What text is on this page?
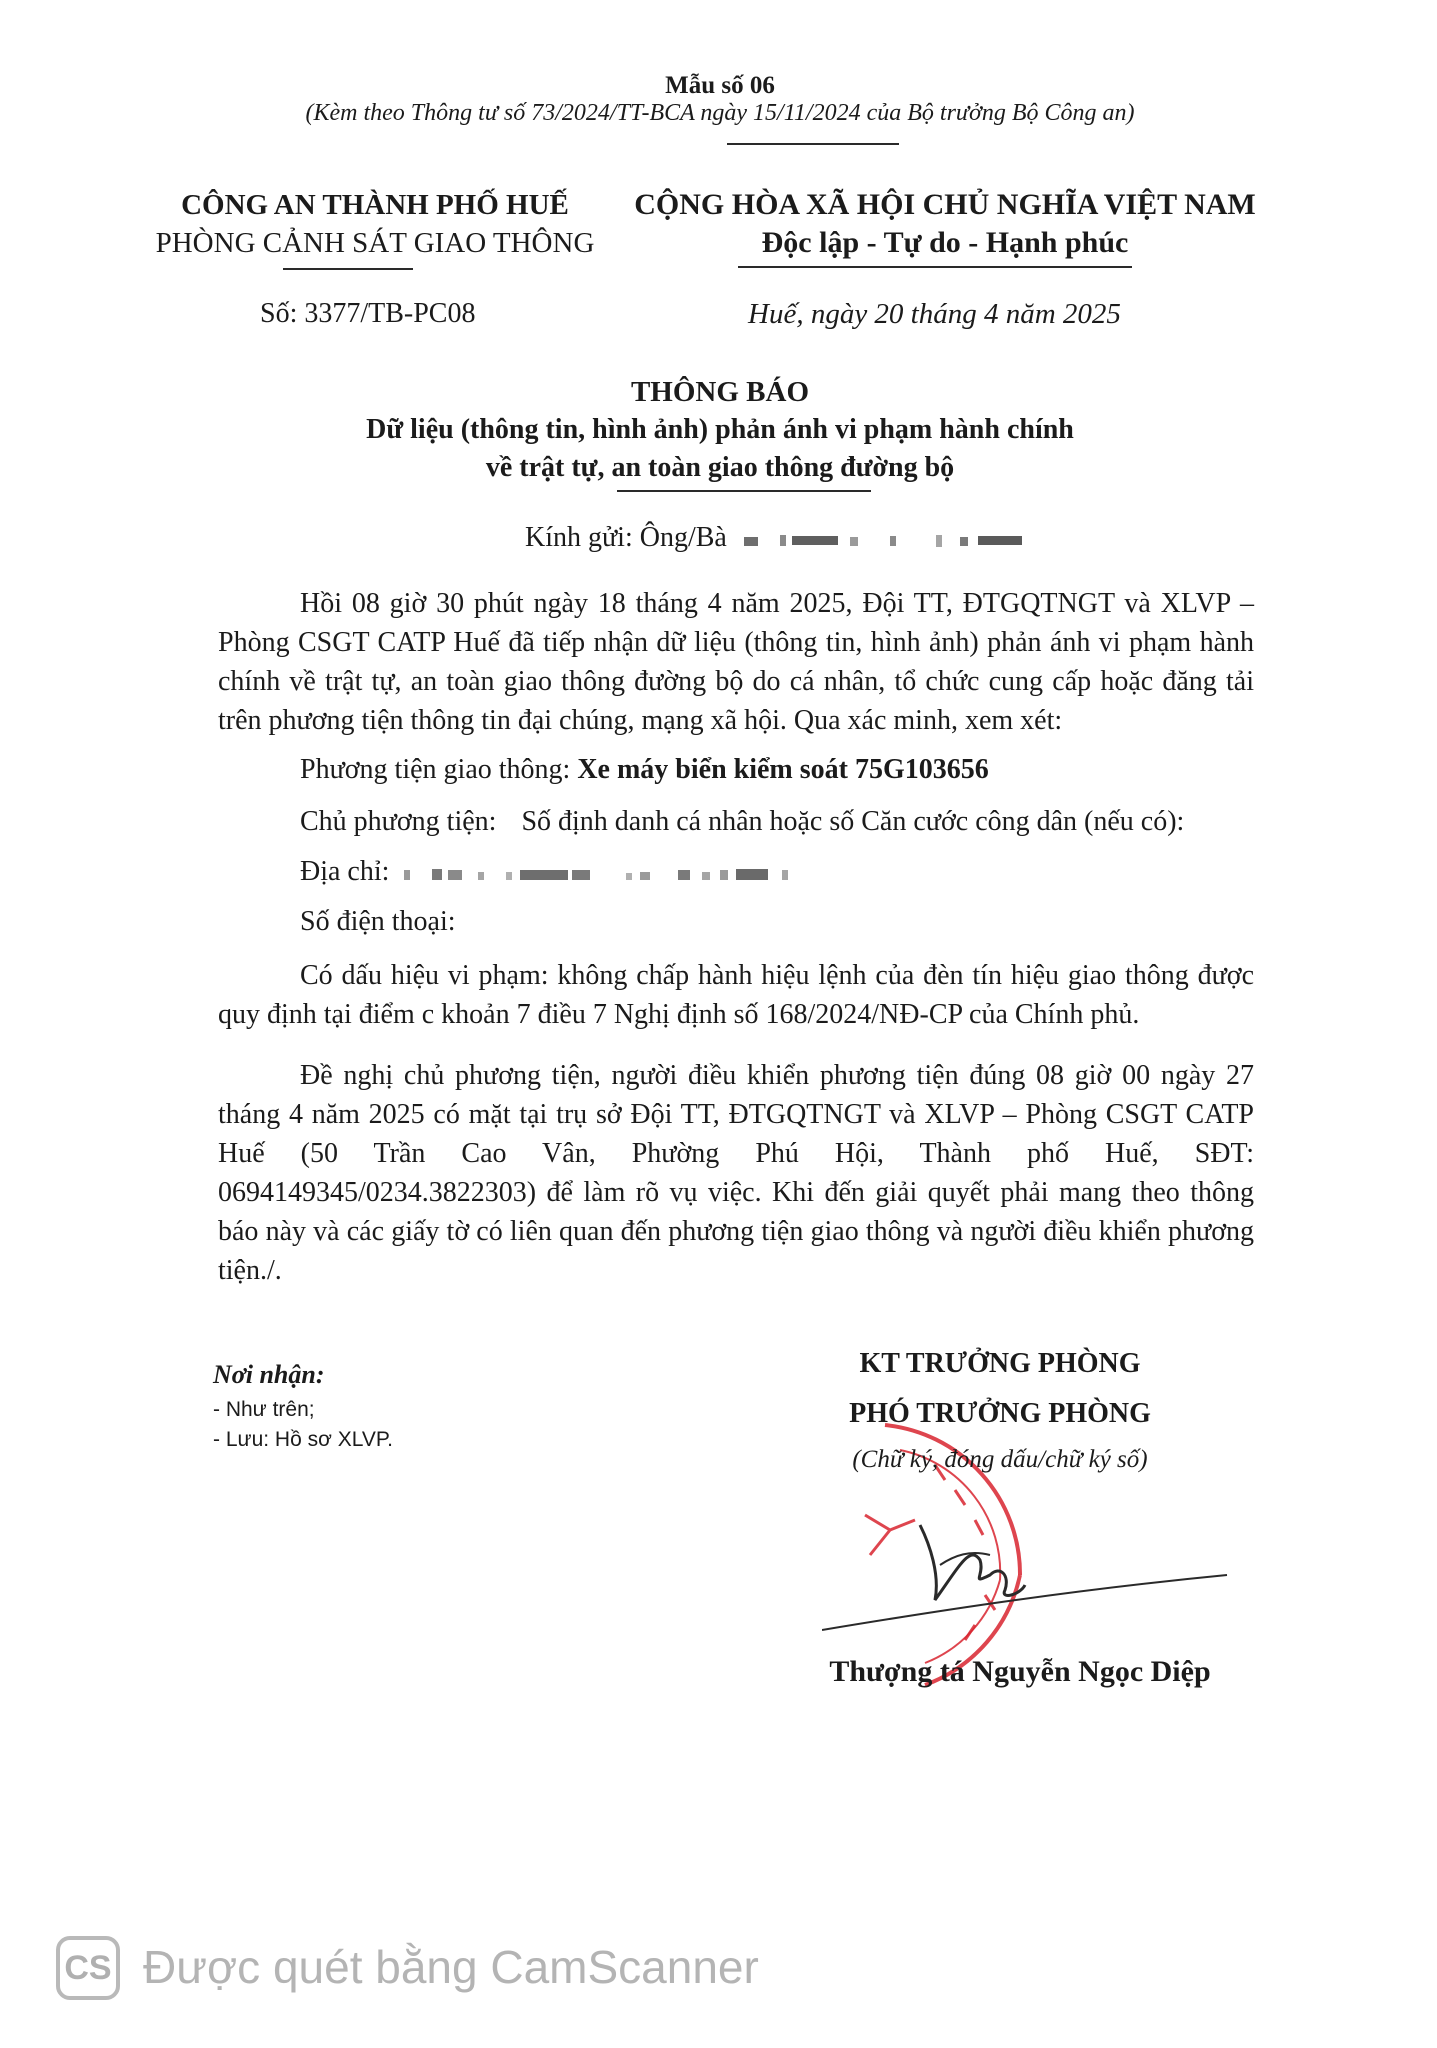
Mẫu số 06
(Kèm theo Thông tư số 73/2024/TT-BCA ngày 15/11/2024 của Bộ trưởng Bộ Công an)
CÔNG AN THÀNH PHỐ HUẾ
PHÒNG CẢNH SÁT GIAO THÔNG
CỘNG HÒA XÃ HỘI CHỦ NGHĨA VIỆT NAM
Độc lập - Tự do - Hạnh phúc
Số: 3377/TB-PC08	Huế, ngày 20 tháng 4 năm 2025
THÔNG BÁO
Dữ liệu (thông tin, hình ảnh) phản ánh vi phạm hành chính
về trật tự, an toàn giao thông đường bộ
Kính gửi: Ông/Bà
Hồi 08 giờ 30 phút ngày 18 tháng 4 năm 2025, Đội TT, ĐTGQTNGT và XLVP – Phòng CSGT CATP Huế đã tiếp nhận dữ liệu (thông tin, hình ảnh) phản ánh vi phạm hành chính về trật tự, an toàn giao thông đường bộ do cá nhân, tổ chức cung cấp hoặc đăng tải trên phương tiện thông tin đại chúng, mạng xã hội. Qua xác minh, xem xét:
Phương tiện giao thông: Xe máy biển kiểm soát 75G103656
Chủ phương tiện: Số định danh cá nhân hoặc số Căn cước công dân (nếu có):
Địa chỉ:
Số điện thoại:
Có dấu hiệu vi phạm: không chấp hành hiệu lệnh của đèn tín hiệu giao thông được quy định tại điểm c khoản 7 điều 7 Nghị định số 168/2024/NĐ-CP của Chính phủ.
Đề nghị chủ phương tiện, người điều khiển phương tiện đúng 08 giờ 00 ngày 27 tháng 4 năm 2025 có mặt tại trụ sở Đội TT, ĐTGQTNGT và XLVP – Phòng CSGT CATP Huế (50 Trần Cao Vân, Phường Phú Hội, Thành phố Huế, SĐT: 0694149345/0234.3822303) để làm rõ vụ việc. Khi đến giải quyết phải mang theo thông báo này và các giấy tờ có liên quan đến phương tiện giao thông và người điều khiển phương tiện./.
Nơi nhận:
- Như trên;
- Lưu: Hồ sơ XLVP.
KT TRƯỞNG PHÒNG
PHÓ TRƯỞNG PHÒNG
(Chữ ký, đóng dấu/chữ ký số)
Thượng tá Nguyễn Ngọc Diệp
CS Được quét bằng CamScanner
